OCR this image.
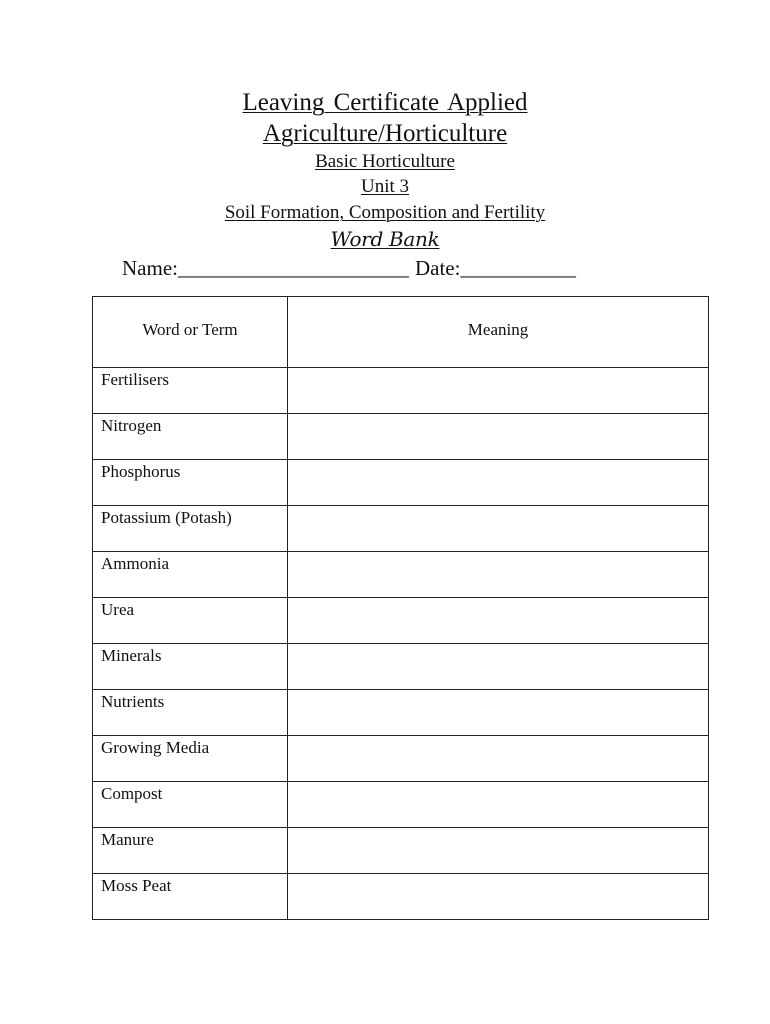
Leaving Certificate Applied
Agriculture/Horticulture
Basic Horticulture
Unit 3
Soil Formation, Composition and Fertility
Word Bank
Name:______________________ Date:___________
Word or Term	Meaning
Fertilisers	
Nitrogen	
Phosphorus	
Potassium (Potash)	
Ammonia	
Urea	
Minerals	
Nutrients	
Growing Media	
Compost	
Manure	
Moss Peat	
